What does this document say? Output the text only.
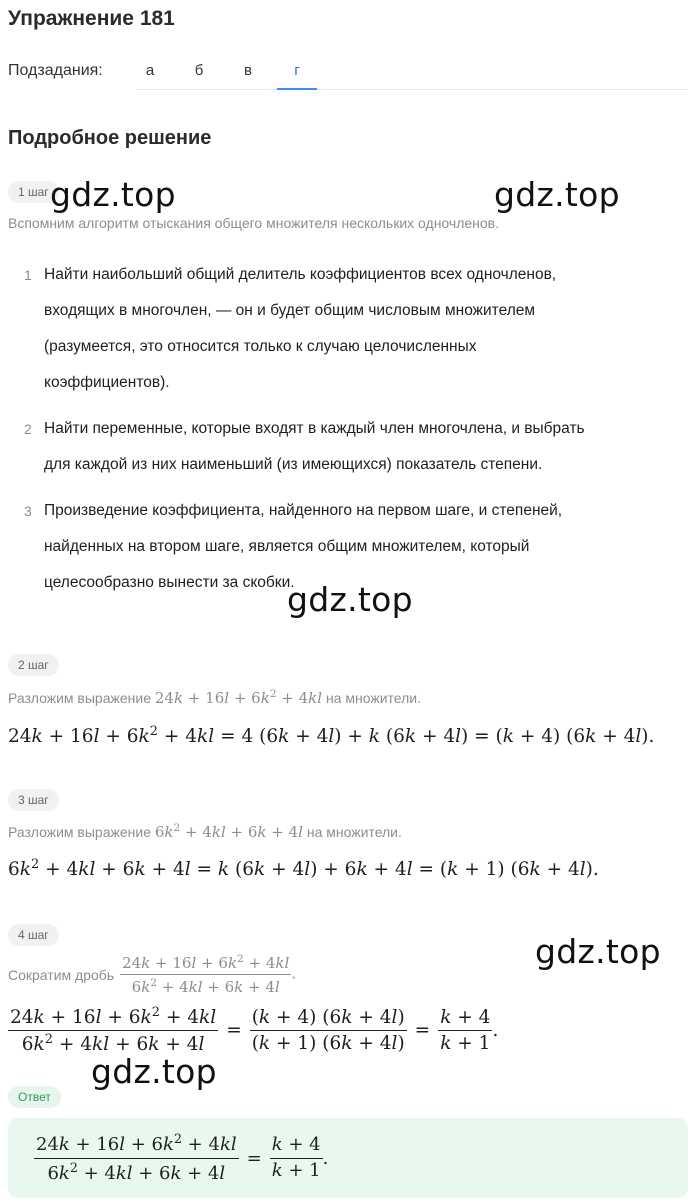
Упражнение 181
Подзадания:	а	б	в	г
Подробное решение
1 шаг
Вспомним алгоритм отыскания общего множителя нескольких одночленов.
1 Найти наибольший общий делитель коэффициентов всех одночленов,
входящих в многочлен, — он и будет общим числовым множителем
(разумеется, это относится только к случаю целочисленных
коэффициентов).
2 Найти переменные, которые входят в каждый член многочлена, и выбрать
для каждой из них наименьший (из имеющихся) показатель степени.
3 Произведение коэффициента, найденного на первом шаге, и степеней,
найденных на втором шаге, является общим множителем, который
целесообразно вынести за скобки.
2 шаг
Разложим выражение $24k + 16l + 6k^2 + 4kl$ на множители.
$24k + 16l + 6k^2 + 4kl = 4$ (6k + 4l) + k (6k + 4l) = (k + 4) (6k + 4l).
3 шаг
Разложим выражение $6k^2 + 4kl + 6k + 4l$ на множители.
$6k^2 + 4kl + 6k + 4l = k$ (6k + 4l) + 6k + 4l = (k + 1) (6k + 4l).
4 шаг
Сократим дробь $\frac{24k + 16l + 6k^2 + 4kl}{6k^2 + 4kl + 6k + 4l}$ .
$\frac{24k + 16l + 6k^2 + 4kl}{6k^2 + 4kl + 6k + 4l} = \frac{(k + 4) (6k + 4l)}{(k + 1) (6k + 4l)} = \frac{k + 4}{k + 1}$ .
Ответ
$\frac{24k + 16l + 6k^2 + 4kl}{6k^2 + 4kl + 6k + 4l} = \frac{k + 4}{k + 1}$ .
gdz.top	gdz.top
gdz.top
gdz.top
gdz.top
